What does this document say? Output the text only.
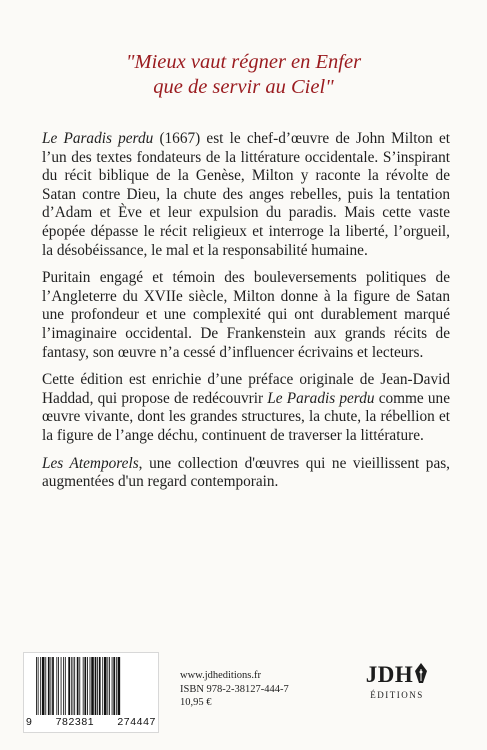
"Mieux vaut régner en Enfer
que de servir au Ciel"

Le Paradis perdu (1667) est le chef-d’œuvre de John Milton et l’un des textes fondateurs de la littérature occidentale. S’inspirant du récit biblique de la Genèse, Milton y raconte la révolte de Satan contre Dieu, la chute des anges rebelles, puis la tentation d’Adam et Ève et leur expulsion du paradis. Mais cette vaste épopée dépasse le récit religieux et interroge la liberté, l’orgueil, la désobéissance, le mal et la responsabilité humaine.

Puritain engagé et témoin des bouleversements politiques de l’Angleterre du XVIIe siècle, Milton donne à la figure de Satan une profondeur et une complexité qui ont durablement marqué l’imaginaire occidental. De Frankenstein aux grands récits de fantasy, son œuvre n’a cessé d’influencer écrivains et lecteurs.

Cette édition est enrichie d’une préface originale de Jean-David Haddad, qui propose de redécouvrir Le Paradis perdu comme une œuvre vivante, dont les grandes structures, la chute, la rébellion et la figure de l’ange déchu, continuent de traverser la littérature.

Les Atemporels, une collection d'œuvres qui ne vieillissent pas, augmentées d'un regard contemporain.

9 782381 274447
www.jdheditions.fr
ISBN 978-2-38127-444-7
10,95 €
JDH
ÉDITIONS
